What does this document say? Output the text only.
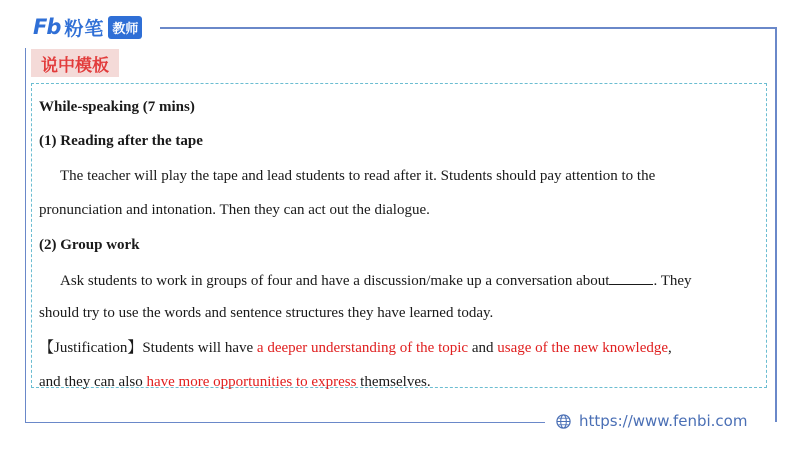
Fb 粉笔 教师
说中模板
While-speaking (7 mins)
(1) Reading after the tape
The teacher will play the tape and lead students to read after it. Students should pay attention to the
pronunciation and intonation. Then they can act out the dialogue.
(2) Group work
Ask students to work in groups of four and have a discussion/make up a conversation about	. They
should try to use the words and sentence structures they have learned today.
【Justification】Students will have a deeper understanding of the topic and usage of the new knowledge,
and they can also have more opportunities to express themselves.
https://www.fenbi.com
